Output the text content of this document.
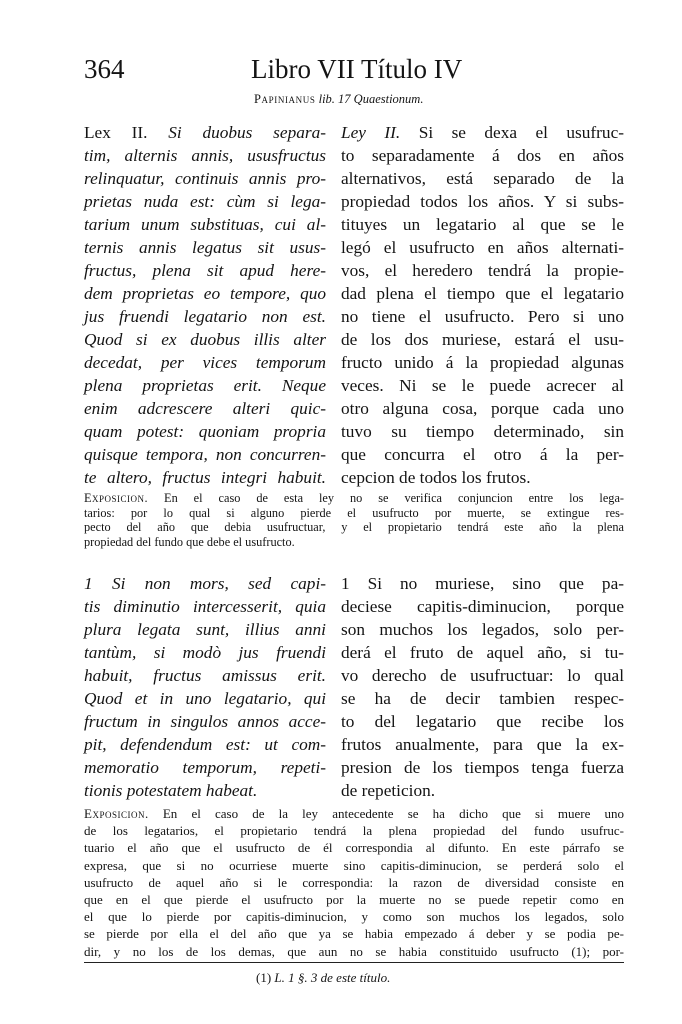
364	Libro VII Título IV
Papinianus lib. 17 Quaestionum.
Lex II. Si duobus separa-
tim, alternis annis, ususfructus
relinquatur, continuis annis pro-
prietas nuda est: cùm si lega-
tarium unum substituas, cui al-
ternis annis legatus sit usus-
fructus, plena sit apud here-
dem proprietas eo tempore, quo
jus fruendi legatario non est.
Quod si ex duobus illis alter
decedat, per vices temporum
plena proprietas erit. Neque
enim adcrescere alteri quic-
quam potest: quoniam propria
quisque tempora, non concurren-
te altero, fructus integri habuit.
Ley II. Si se dexa el usufruc-
to separadamente á dos en años
alternativos, está separado de la
propiedad todos los años. Y si subs-
tituyes un legatario al que se le
legó el usufructo en años alternati-
vos, el heredero tendrá la propie-
dad plena el tiempo que el legatario
no tiene el usufructo. Pero si uno
de los dos muriese, estará el usu-
fructo unido á la propiedad algunas
veces. Ni se le puede acrecer al
otro alguna cosa, porque cada uno
tuvo su tiempo determinado, sin
que concurra el otro á la per-
cepcion de todos los frutos.
Exposicion. En el caso de esta ley no se verifica conjuncion entre los lega-
tarios: por lo qual si alguno pierde el usufructo por muerte, se extingue res-
pecto del año que debia usufructuar, y el propietario tendrá este año la plena
propiedad del fundo que debe el usufructo.
1 Si non mors, sed capi-
tis diminutio intercesserit, quia
plura legata sunt, illius anni
tantùm, si modò jus fruendi
habuit, fructus amissus erit.
Quod et in uno legatario, qui
fructum in singulos annos acce-
pit, defendendum est: ut com-
memoratio temporum, repeti-
tionis potestatem habeat.
1 Si no muriese, sino que pa-
deciese capitis-diminucion, porque
son muchos los legados, solo per-
derá el fruto de aquel año, si tu-
vo derecho de usufructuar: lo qual
se ha de decir tambien respec-
to del legatario que recibe los
frutos anualmente, para que la ex-
presion de los tiempos tenga fuerza
de repeticion.
Exposicion. En el caso de la ley antecedente se ha dicho que si muere uno
de los legatarios, el propietario tendrá la plena propiedad del fundo usufruc-
tuario el año que el usufructo de él correspondia al difunto. En este párrafo se
expresa, que si no ocurriese muerte sino capitis-diminucion, se perderá solo el
usufructo de aquel año si le correspondia: la razon de diversidad consiste en
que en el que pierde el usufructo por la muerte no se puede repetir como en
el que lo pierde por capitis-diminucion, y como son muchos los legados, solo
se pierde por ella el del año que ya se habia empezado á deber y se podia pe-
dir, y no los de los demas, que aun no se habia constituido usufructo (1); por-
(1) L. 1 §. 3 de este título.
